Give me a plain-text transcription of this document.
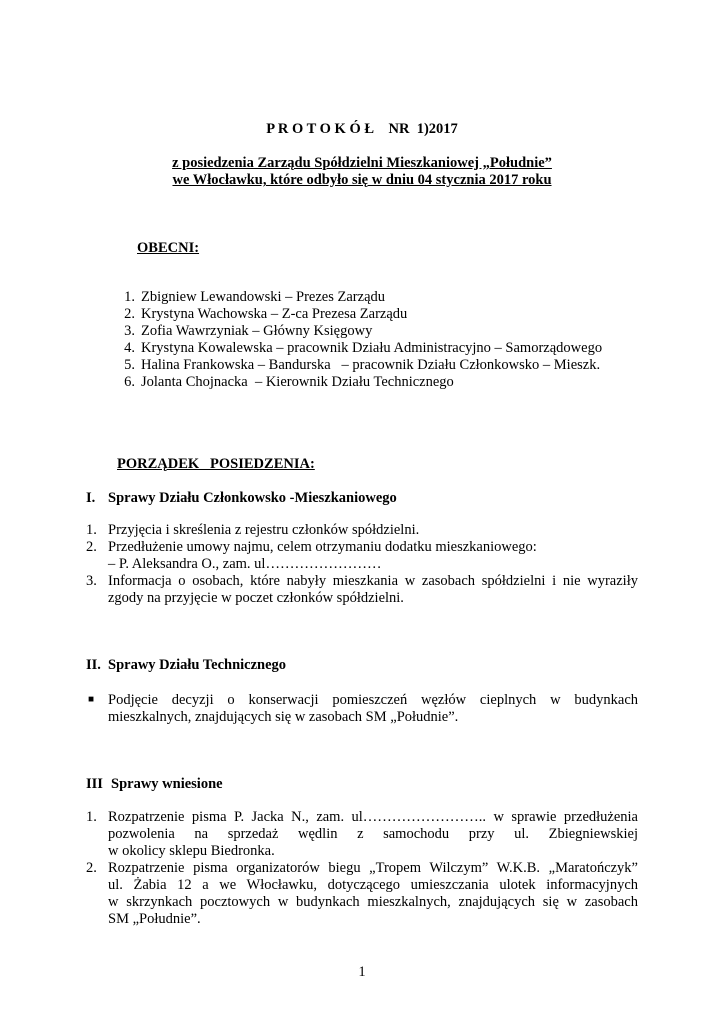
P R O T O K Ó Ł    NR  1)2017
z posiedzenia Zarządu Spółdzielni Mieszkaniowej „Południe”
we Włocławku, które odbyło się w dniu 04 stycznia 2017 roku
OBECNI:
1. Zbigniew Lewandowski – Prezes Zarządu
2. Krystyna Wachowska – Z-ca Prezesa Zarządu
3. Zofia Wawrzyniak – Główny Księgowy
4. Krystyna Kowalewska – pracownik Działu Administracyjno – Samorządowego
5. Halina Frankowska – Bandurska   – pracownik Działu Członkowsko – Mieszk.
6. Jolanta Chojnacka  – Kierownik Działu Technicznego
PORZĄDEK   POSIEDZENIA:
I. Sprawy Działu Członkowsko -Mieszkaniowego
1. Przyjęcia i skreślenia z rejestru członków spółdzielni.
2. Przedłużenie umowy najmu, celem otrzymaniu dodatku mieszkaniowego:
– P. Aleksandra O., zam. ul……………………
3. Informacja o osobach, które nabyły mieszkania w zasobach spółdzielni i nie wyraziły
zgody na przyjęcie w poczet członków spółdzielni.
II. Sprawy Działu Technicznego
■ Podjęcie decyzji o konserwacji pomieszczeń węzłów cieplnych w budynkach
mieszkalnych, znajdujących się w zasobach SM „Południe”.
III Sprawy wniesione
1. Rozpatrzenie pisma P. Jacka N., zam. ul…………………….. w sprawie przedłużenia
pozwolenia na sprzedaż wędlin z samochodu przy ul. Zbiegniewskiej
w okolicy sklepu Biedronka.
2. Rozpatrzenie pisma organizatorów biegu „Tropem Wilczym” W.K.B. „Maratończyk”
ul. Żabia 12 a we Włocławku, dotyczącego umieszczania ulotek informacyjnych
w skrzynkach pocztowych w budynkach mieszkalnych, znajdujących się w zasobach
SM „Południe”.
1
